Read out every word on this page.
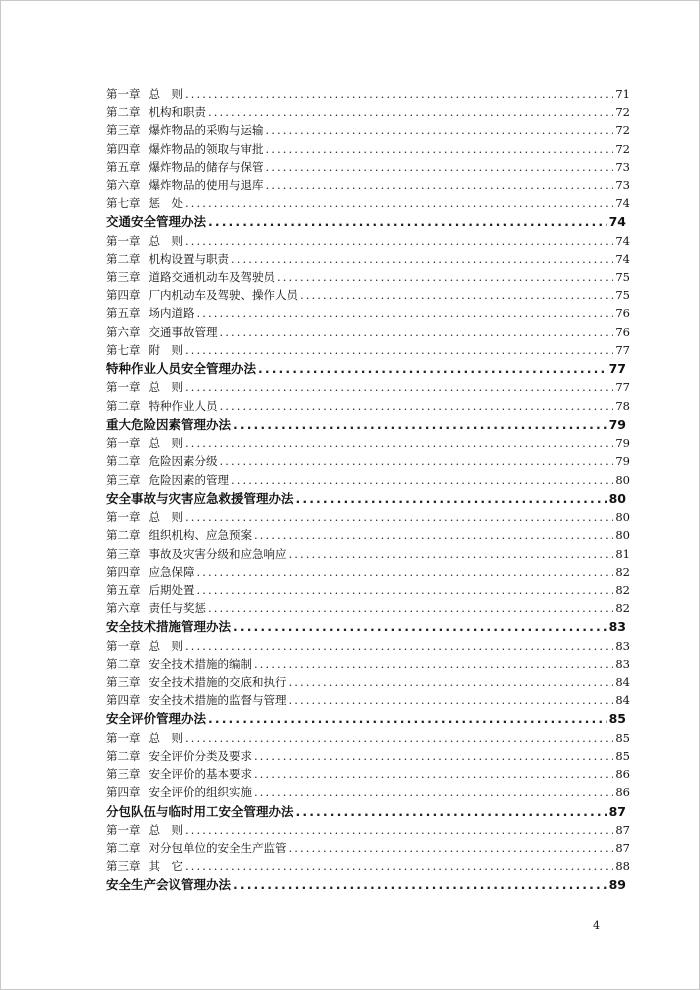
第一章 总　则 .....	71
第二章 机构和职责 .....	72
第三章 爆炸物品的采购与运输 .....	72
第四章 爆炸物品的领取与审批 .....	72
第五章 爆炸物品的储存与保管 .....	73
第六章 爆炸物品的使用与退库 .....	73
第七章 惩　处 .....	74
交通安全管理办法 .....	74
第一章 总　则 .....	74
第二章 机构设置与职责 .....	74
第三章 道路交通机动车及驾驶员 .....	75
第四章 厂内机动车及驾驶、操作人员 .....	75
第五章 场内道路 .....	76
第六章 交通事故管理 .....	76
第七章 附　则 .....	77
特种作业人员安全管理办法 .....	77
第一章 总　则 .....	77
第二章 特种作业人员 .....	78
重大危险因素管理办法 .....	79
第一章 总　则 .....	79
第二章 危险因素分级 .....	79
第三章 危险因素的管理 .....	80
安全事故与灾害应急救援管理办法 .....	80
第一章 总　则 .....	80
第二章 组织机构、应急预案 .....	80
第三章 事故及灾害分级和应急响应 .....	81
第四章 应急保障 .....	82
第五章 后期处置 .....	82
第六章 责任与奖惩 .....	82
安全技术措施管理办法 .....	83
第一章 总　则 .....	83
第二章 安全技术措施的编制 .....	83
第三章 安全技术措施的交底和执行 .....	84
第四章 安全技术措施的监督与管理 .....	84
安全评价管理办法 .....	85
第一章 总　则 .....	85
第二章 安全评价分类及要求 .....	85
第三章 安全评价的基本要求 .....	86
第四章 安全评价的组织实施 .....	86
分包队伍与临时用工安全管理办法 .....	87
第一章 总　则 .....	87
第二章 对分包单位的安全生产监管 .....	87
第三章 其　它 .....	88
安全生产会议管理办法 .....	89
4
